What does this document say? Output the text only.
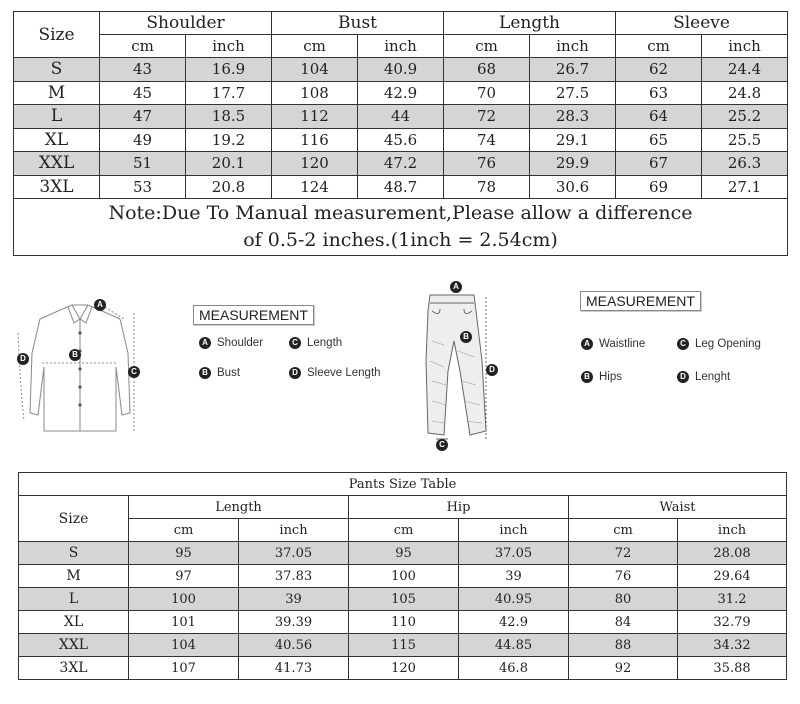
Size	Shoulder		Bust		Length		Sleeve	
	cm	inch	cm	inch	cm	inch	cm	inch
S	43	16.9	104	40.9	68	26.7	62	24.4
M	45	17.7	108	42.9	70	27.5	63	24.8
L	47	18.5	112	44	72	28.3	64	25.2
XL	49	19.2	116	45.6	74	29.1	65	25.5
XXL	51	20.1	120	47.2	76	29.9	67	26.3
3XL	53	20.8	124	48.7	78	30.6	69	27.1

Note:Due To Manual measurement,Please allow a difference
of 0.5-2 inches.(1inch = 2.54cm)								
A
B
C
D
MEASUREMENT
A Shoulder	C Length
B Bust	D Sleeve Length
A
B
C
D
MEASUREMENT
A Waistline	C Leg Opening
B Hips	D Lenght
Pants Size Table						
Size	Length		Hip		Waist	
	cm	inch	cm	inch	cm	inch
S	95	37.05	95	37.05	72	28.08
M	97	37.83	100	39	76	29.64
L	100	39	105	40.95	80	31.2
XL	101	39.39	110	42.9	84	32.79
XXL	104	40.56	115	44.85	88	34.32
3XL	107	41.73	120	46.8	92	35.88
